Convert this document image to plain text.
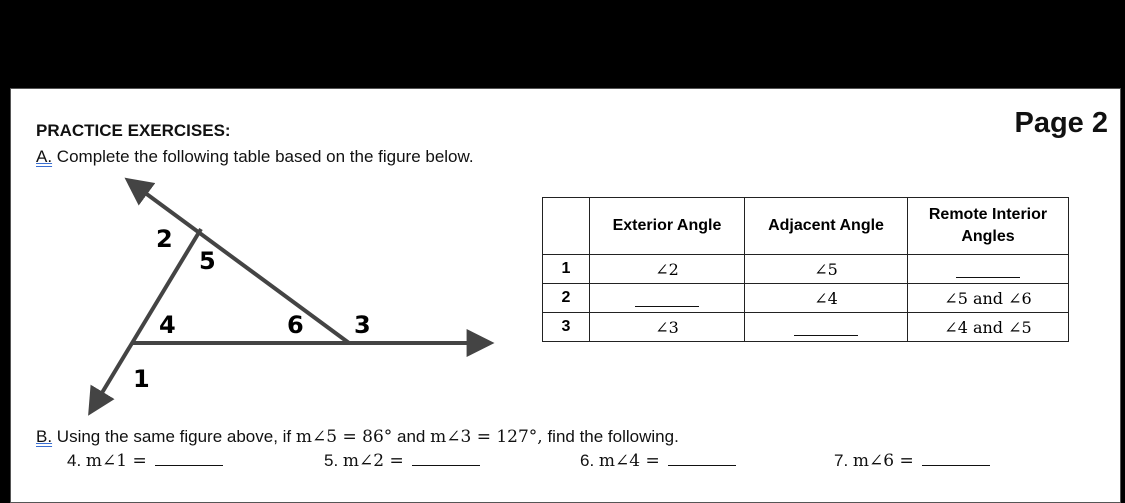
PRACTICE EXERCISES:	Page 2
A. Complete the following table based on the figure below.
2
5
4	6 3
1
	Exterior Angle	Adjacent Angle	Remote Interior Angles
1	∠2	∠5	
2		∠4	∠5 and ∠6
3	∠3		∠4 and ∠5
B. Using the same figure above, if m∠5 = 86° and m∠3 = 127°, find the following.
4. m∠1 =	5. m∠2 =	6. m∠4 =	7. m∠6 =
